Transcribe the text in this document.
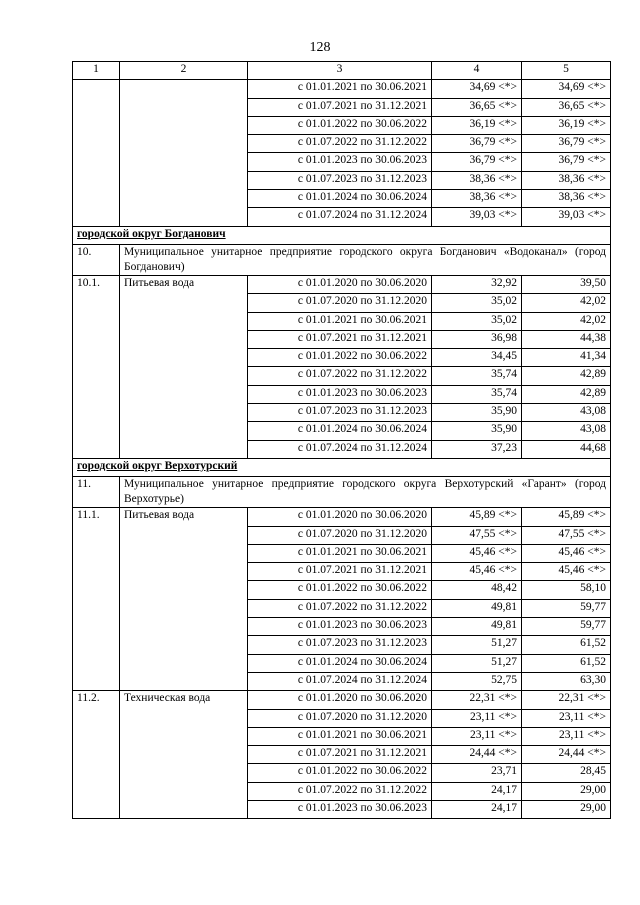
128
1	2	3	4	5
		с 01.01.2021 по 30.06.2021	34,69 <*>	34,69 <*>
		с 01.07.2021 по 31.12.2021	36,65 <*>	36,65 <*>
		с 01.01.2022 по 30.06.2022	36,19 <*>	36,19 <*>
		с 01.07.2022 по 31.12.2022	36,79 <*>	36,79 <*>
		с 01.01.2023 по 30.06.2023	36,79 <*>	36,79 <*>
		с 01.07.2023 по 31.12.2023	38,36 <*>	38,36 <*>
		с 01.01.2024 по 30.06.2024	38,36 <*>	38,36 <*>
		с 01.07.2024 по 31.12.2024	39,03 <*>	39,03 <*>
городской округ Богданович				
10.	Муниципальное унитарное предприятие городского округа Богданович «Водоканал» (город Богданович)			
10.1.	Питьевая вода	с 01.01.2020 по 30.06.2020	32,92	39,50
		с 01.07.2020 по 31.12.2020	35,02	42,02
		с 01.01.2021 по 30.06.2021	35,02	42,02
		с 01.07.2021 по 31.12.2021	36,98	44,38
		с 01.01.2022 по 30.06.2022	34,45	41,34
		с 01.07.2022 по 31.12.2022	35,74	42,89
		с 01.01.2023 по 30.06.2023	35,74	42,89
		с 01.07.2023 по 31.12.2023	35,90	43,08
		с 01.01.2024 по 30.06.2024	35,90	43,08
		с 01.07.2024 по 31.12.2024	37,23	44,68
городской округ Верхотурский				
11.	Муниципальное унитарное предприятие городского округа Верхотурский «Гарант» (город Верхотурье)			
11.1.	Питьевая вода	с 01.01.2020 по 30.06.2020	45,89 <*>	45,89 <*>
		с 01.07.2020 по 31.12.2020	47,55 <*>	47,55 <*>
		с 01.01.2021 по 30.06.2021	45,46 <*>	45,46 <*>
		с 01.07.2021 по 31.12.2021	45,46 <*>	45,46 <*>
		с 01.01.2022 по 30.06.2022	48,42	58,10
		с 01.07.2022 по 31.12.2022	49,81	59,77
		с 01.01.2023 по 30.06.2023	49,81	59,77
		с 01.07.2023 по 31.12.2023	51,27	61,52
		с 01.01.2024 по 30.06.2024	51,27	61,52
		с 01.07.2024 по 31.12.2024	52,75	63,30
11.2.	Техническая вода	с 01.01.2020 по 30.06.2020	22,31 <*>	22,31 <*>
		с 01.07.2020 по 31.12.2020	23,11 <*>	23,11 <*>
		с 01.01.2021 по 30.06.2021	23,11 <*>	23,11 <*>
		с 01.07.2021 по 31.12.2021	24,44 <*>	24,44 <*>
		с 01.01.2022 по 30.06.2022	23,71	28,45
		с 01.07.2022 по 31.12.2022	24,17	29,00
		с 01.01.2023 по 30.06.2023	24,17	29,00
